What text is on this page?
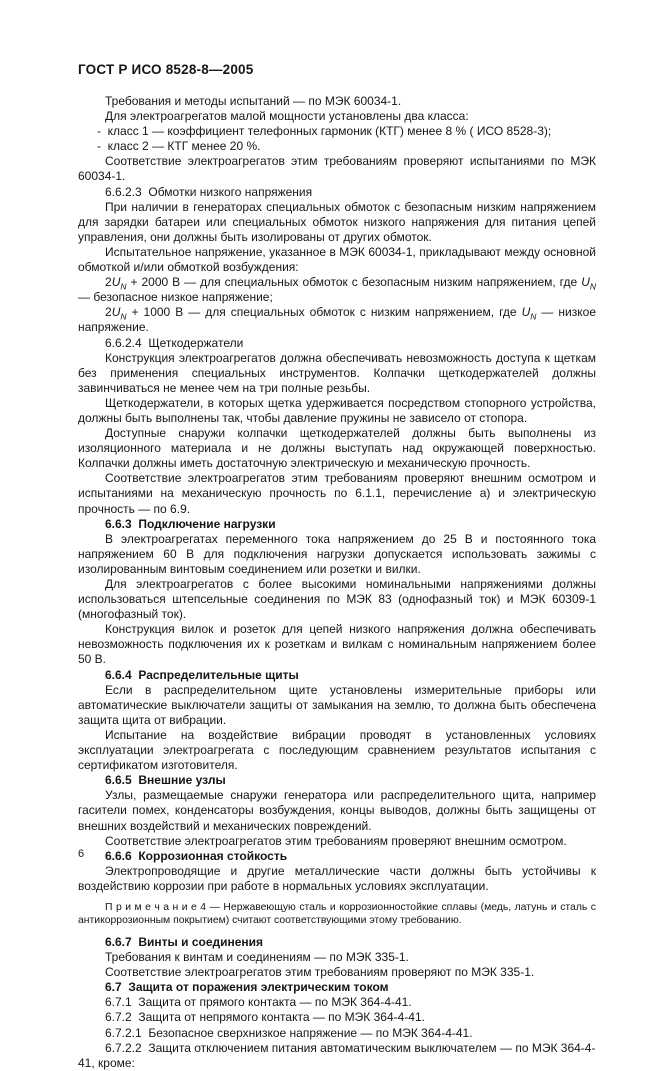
ГОСТ Р ИСО 8528-8—2005
Требования и методы испытаний — по МЭК 60034-1.
Для электроагрегатов малой мощности установлены два класса:
-  класс 1 — коэффициент телефонных гармоник (КТГ) менее 8 % ( ИСО 8528-3);
-  класс 2 — КТГ менее 20 %.
Соответствие электроагрегатов этим требованиям проверяют испытаниями по МЭК 60034-1.
6.6.2.3  Обмотки низкого напряжения
При наличии в генераторах специальных обмоток с безопасным низким напряжением для зарядки батареи или специальных обмоток низкого напряжения для питания цепей управления, они должны быть изолированы от других обмоток.
Испытательное напряжение, указанное в МЭК 60034-1, прикладывают между основной обмоткой и/или обмоткой возбуждения:
$2U_N + 2000$ В — для специальных обмоток с безопасным низким напряжением, где $U_N$ — безопасное низкое напряжение;
$2U_N + 1000$ В — для специальных обмоток с низким напряжением, где $U_N$ — низкое напряжение.
6.6.2.4  Щеткодержатели
Конструкция электроагрегатов должна обеспечивать невозможность доступа к щеткам без применения специальных инструментов. Колпачки щеткодержателей должны завинчиваться не менее чем на три полные резьбы.
Щеткодержатели, в которых щетка удерживается посредством стопорного устройства, должны быть выполнены так, чтобы давление пружины не зависело от стопора.
Доступные снаружи колпачки щеткодержателей должны быть выполнены из изоляционного материала и не должны выступать над окружающей поверхностью. Колпачки должны иметь достаточную электрическую и механическую прочность.
Соответствие электроагрегатов этим требованиям проверяют внешним осмотром и испытаниями на механическую прочность по 6.1.1, перечисление а) и электрическую прочность — по 6.9.
6.6.3  Подключение нагрузки
В электроагрегатах переменного тока напряжением до 25 В и постоянного тока напряжением 60 В для подключения нагрузки допускается использовать зажимы с изолированным винтовым соединением или розетки и вилки.
Для электроагрегатов с более высокими номинальными напряжениями должны использоваться штепсельные соединения по МЭК 83 (однофазный ток) и МЭК 60309-1 (многофазный ток).
Конструкция вилок и розеток для цепей низкого напряжения должна обеспечивать невозможность подключения их к розеткам и вилкам с номинальным напряжением более 50 В.
6.6.4  Распределительные щиты
Если в распределительном щите установлены измерительные приборы или автоматические выключатели защиты от замыкания на землю, то должна быть обеспечена защита щита от вибрации.
Испытание на воздействие вибрации проводят в установленных условиях эксплуатации электроагрегата с последующим сравнением результатов испытания с сертификатом изготовителя.
6.6.5  Внешние узлы
Узлы, размещаемые снаружи генератора или распределительного щита, например гасители помех, конденсаторы возбуждения, концы выводов, должны быть защищены от внешних воздействий и механических повреждений.
Соответствие электроагрегатов этим требованиям проверяют внешним осмотром.
6.6.6  Коррозионная стойкость
Электропроводящие и другие металлические части должны быть устойчивы к воздействию коррозии при работе в нормальных условиях эксплуатации.
П р и м е ч а н и е 4 — Нержавеющую сталь и коррозионностойкие сплавы (медь, латунь и сталь с антикоррозионным покрытием) считают соответствующими этому требованию.
6.6.7  Винты и соединения
Требования к винтам и соединениям — по МЭК 335-1.
Соответствие электроагрегатов этим требованиям проверяют по МЭК 335-1.
6.7  Защита от поражения электрическим током
6.7.1  Защита от прямого контакта — по МЭК 364-4-41.
6.7.2  Защита от непрямого контакта — по МЭК 364-4-41.
6.7.2.1  Безопасное сверхнизкое напряжение — по МЭК 364-4-41.
6.7.2.2  Защита отключением питания автоматическим выключателем — по МЭК 364-4-41, кроме:
6
